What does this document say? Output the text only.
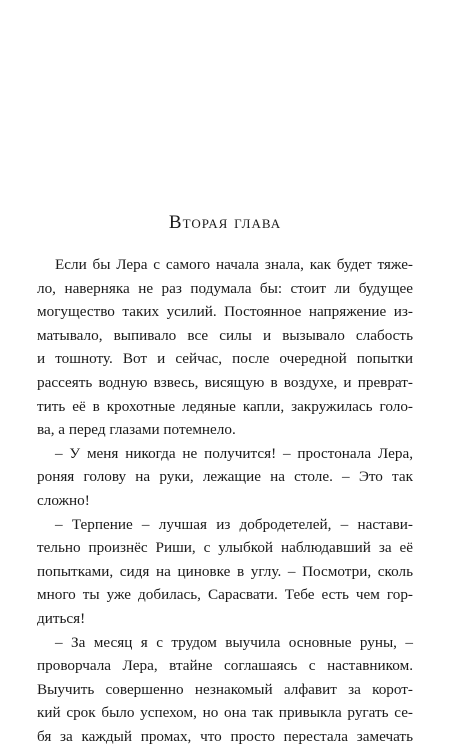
Вторая глава
Если бы Лера с самого начала знала, как будет тяже-
ло, наверняка не раз подумала бы: стоит ли будущее
могущество таких усилий. Постоянное напряжение из-
матывало, выпивало все силы и вызывало слабость
и тошноту. Вот и сейчас, после очередной попытки
рассеять водную взвесь, висящую в воздухе, и преврат-
тить её в крохотные ледяные капли, закружилась голо-
ва, а перед глазами потемнело.
– У меня никогда не получится! – простонала Лера,
роняя голову на руки, лежащие на столе. – Это так
сложно!
– Терпение – лучшая из добродетелей, – настави-
тельно произнёс Риши, с улыбкой наблюдавший за её
попытками, сидя на циновке в углу. – Посмотри, сколь
много ты уже добилась, Сарасвати. Тебе есть чем гор-
диться!
– За месяц я с трудом выучила основные руны, –
проворчала Лера, втайне соглашаясь с наставником.
Выучить совершенно незнакомый алфавит за корот-
кий срок было успехом, но она так привыкла ругать се-
бя за каждый промах, что просто перестала замечать
